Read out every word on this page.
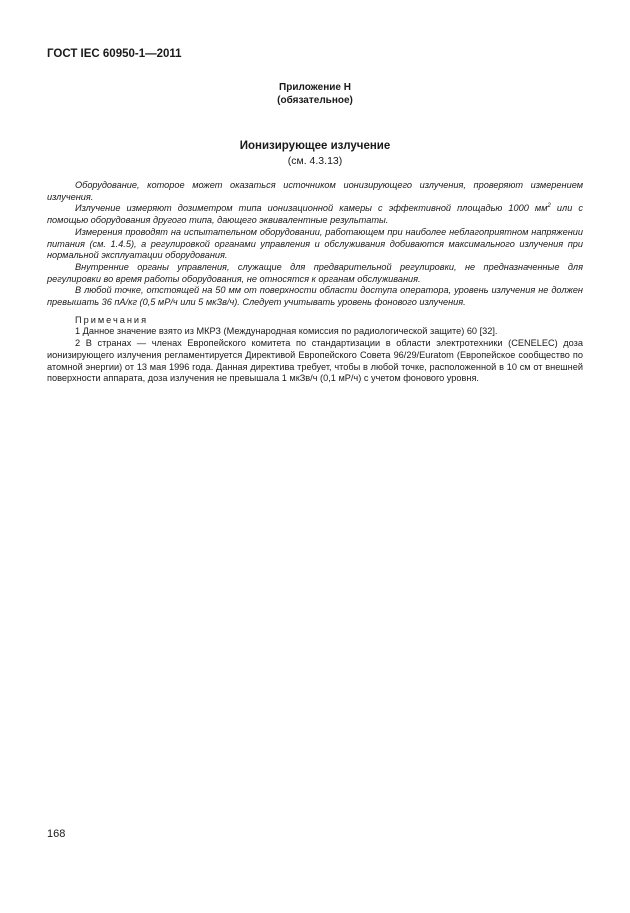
ГОСТ IEC 60950-1—2011
Приложение Н
(обязательное)
Ионизирующее излучение
(см. 4.3.13)
Оборудование, которое может оказаться источником ионизирующего излучения, проверяют измерением излучения.
Излучение измеряют дозиметром типа ионизационной камеры с эффективной площадью 1000 $мм^2$ или с помощью оборудования другого типа, дающего эквивалентные результаты.
Измерения проводят на испытательном оборудовании, работающем при наиболее неблагоприятном напряжении питания (см. 1.4.5), а регулировкой органами управления и обслуживания добиваются максимального излучения при нормальной эксплуатации оборудования.
Внутренние органы управления, служащие для предварительной регулировки, не предназначенные для регулировки во время работы оборудования, не относятся к органам обслуживания.
В любой точке, отстоящей на 50 мм от поверхности области доступа оператора, уровень излучения не должен превышать 36 пА/кг (0,5 мР/ч или 5 мкЗв/ч). Следует учитывать уровень фонового излучения.
Примечания
1 Данное значение взято из МКРЗ (Международная комиссия по радиологической защите) 60 [32].
2 В странах — членах Европейского комитета по стандартизации в области электротехники (CENELEC) доза ионизирующего излучения регламентируется Директивой Европейского Совета 96/29/Euratom (Европейское сообщество по атомной энергии) от 13 мая 1996 года. Данная директива требует, чтобы в любой точке, расположенной в 10 см от внешней поверхности аппарата, доза излучения не превышала 1 мкЗв/ч (0,1 мР/ч) с учетом фонового уровня.
168
